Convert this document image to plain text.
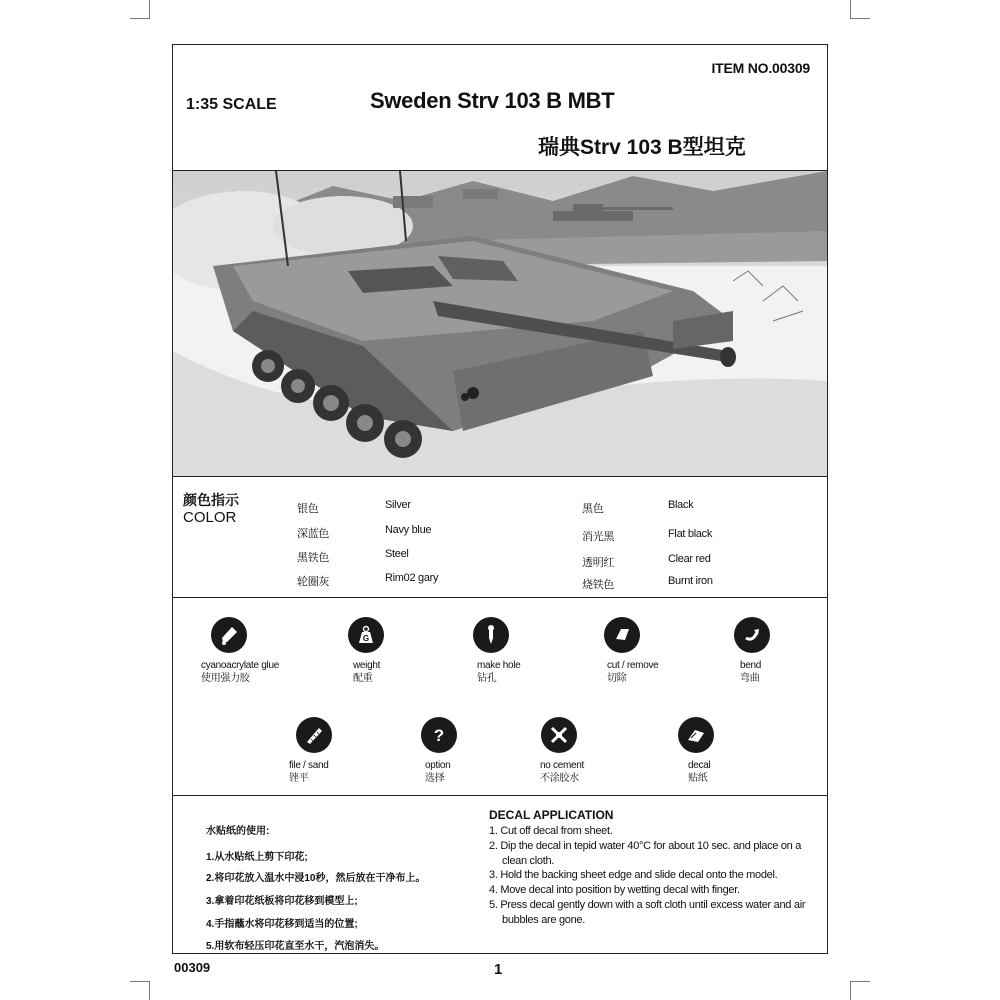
ITEM NO.00309
1:35 SCALE	Sweden Strv 103 B MBT
瑞典Strv 103 B型坦克
颜色指示
COLOR	银色	Silver
深蓝色	Navy blue
黑铁色	Steel
轮圈灰	Rim02 gary
黑色	Black
消光黑	Flat black
透明红	Clear red
烧铁色	Burnt iron
cyanoacrylate glue
使用强力胶
G
weight
配重
make hole
钻孔
cut / remove
切除
bend
弯曲
file / sand
锉平
?
option
选择
no cement
不涂胶水
decal
贴纸
水贴纸的使用:
1.从水贴纸上剪下印花;
2.将印花放入温水中浸10秒，然后放在干净布上。
3.拿着印花纸板将印花移到模型上;
4.手指蘸水将印花移到适当的位置;
5.用软布轻压印花直至水干，汽泡消失。
DECAL APPLICATION
1. Cut off decal from sheet.
2. Dip the decal in tepid water 40°C for about 10 sec. and place on a clean cloth.
3. Hold the backing sheet edge and slide decal onto the model.
4. Move decal into position by wetting decal with finger.
5. Press decal gently down with a soft cloth until excess water and air bubbles are gone.
00309	1
